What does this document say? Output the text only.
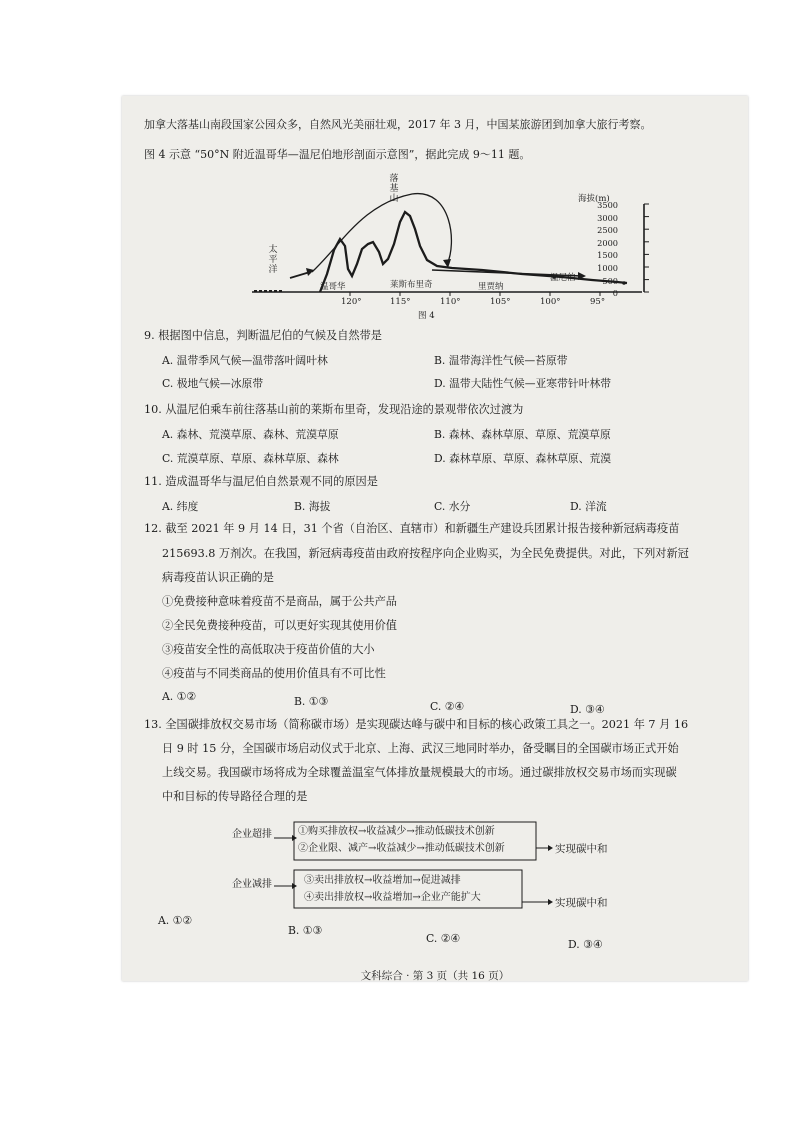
加拿大落基山南段国家公园众多，自然风光美丽壮观，2017 年 3 月，中国某旅游团到加拿大旅行考察。
图 4 示意 “50°N 附近温哥华—温尼伯地形剖面示意图”，据此完成 9～11 题。
落
基
山
太
平
洋
海拔(m)
3500
3000
2500
2000
1500
1000
500
0
温哥华	莱斯布里奇	里贾纳
温尼伯
120°	115°	110°	105°	100°	95°
图 4
9. 根据图中信息，判断温尼伯的气候及自然带是
A. 温带季风气候—温带落叶阔叶林	B. 温带海洋性气候—苔原带
C. 极地气候—冰原带	D. 温带大陆性气候—亚寒带针叶林带
10. 从温尼伯乘车前往落基山前的莱斯布里奇，发现沿途的景观带依次过渡为
A. 森林、荒漠草原、森林、荒漠草原	B. 森林、森林草原、草原、荒漠草原
C. 荒漠草原、草原、森林草原、森林	D. 森林草原、草原、森林草原、荒漠
11. 造成温哥华与温尼伯自然景观不同的原因是
A. 纬度	B. 海拔	C. 水分	D. 洋流
12. 截至 2021 年 9 月 14 日，31 个省（自治区、直辖市）和新疆生产建设兵团累计报告接种新冠病毒疫苗
215693.8 万剂次。在我国，新冠病毒疫苗由政府按程序向企业购买，为全民免费提供。对此，下列对新冠
病毒疫苗认识正确的是
①免费接种意味着疫苗不是商品，属于公共产品
②全民免费接种疫苗，可以更好实现其使用价值
③疫苗安全性的高低取决于疫苗价值的大小
④疫苗与不同类商品的使用价值具有不可比性
A. ①②	B. ①③	C. ②④	D. ③④
13. 全国碳排放权交易市场（简称碳市场）是实现碳达峰与碳中和目标的核心政策工具之一。2021 年 7 月 16
日 9 时 15 分，全国碳市场启动仪式于北京、上海、武汉三地同时举办，备受瞩目的全国碳市场正式开始
上线交易。我国碳市场将成为全球覆盖温室气体排放量规模最大的市场。通过碳排放权交易市场而实现碳
中和目标的传导路径合理的是
企业超排	①购买排放权→收益减少→推动低碳技术创新
②企业限、减产→收益减少→推动低碳技术创新	实现碳中和
企业减排	③卖出排放权→收益增加→促进减排
④卖出排放权→收益增加→企业产能扩大	实现碳中和
A. ①②
B. ①③
C. ②④	D. ③④
文科综合 · 第 3 页（共 16 页）
